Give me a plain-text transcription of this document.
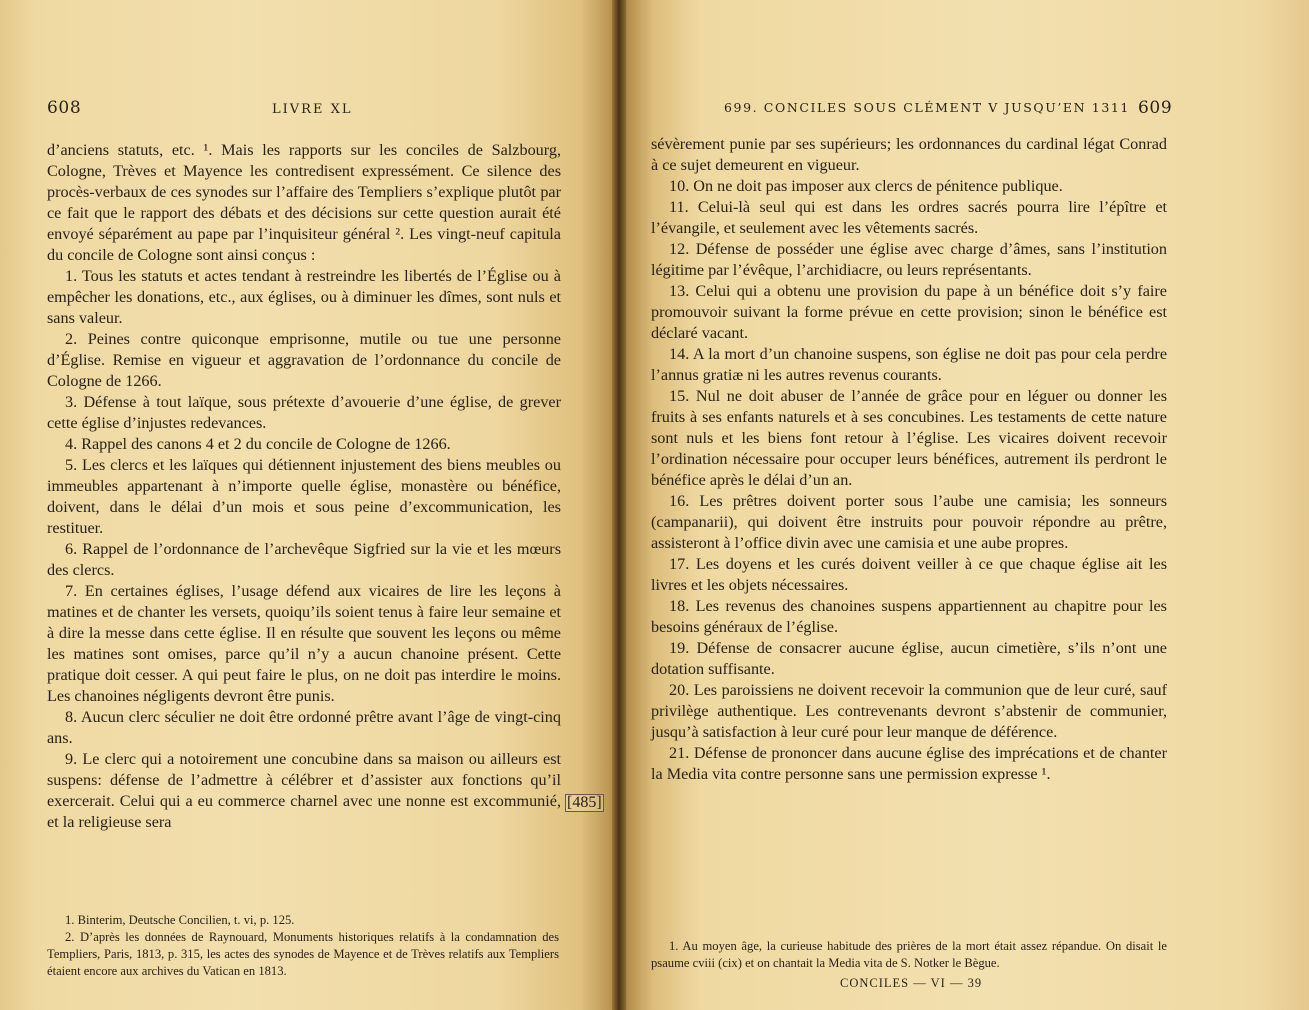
608	LIVRE XL

d’anciens statuts, etc. ¹. Mais les rapports sur les conciles de Salzbourg, Cologne, Trèves et Mayence les contredisent expressément. Ce silence des procès-verbaux de ces synodes sur l’affaire des Templiers s’explique plutôt par ce fait que le rapport des débats et des décisions sur cette question aurait été envoyé séparément au pape par l’inquisiteur général ². Les vingt-neuf capitula du concile de Cologne sont ainsi conçus :

1. Tous les statuts et actes tendant à restreindre les libertés de l’Église ou à empêcher les donations, etc., aux églises, ou à diminuer les dîmes, sont nuls et sans valeur.

2. Peines contre quiconque emprisonne, mutile ou tue une personne d’Église. Remise en vigueur et aggravation de l’ordonnance du concile de Cologne de 1266.

3. Défense à tout laïque, sous prétexte d’avouerie d’une église, de grever cette église d’injustes redevances.

4. Rappel des canons 4 et 2 du concile de Cologne de 1266.

5. Les clercs et les laïques qui détiennent injustement des biens meubles ou immeubles appartenant à n’importe quelle église, monastère ou bénéfice, doivent, dans le délai d’un mois et sous peine d’excommunication, les restituer.

6. Rappel de l’ordonnance de l’archevêque Sigfried sur la vie et les mœurs des clercs.

7. En certaines églises, l’usage défend aux vicaires de lire les leçons à matines et de chanter les versets, quoiqu’ils soient tenus à faire leur semaine et à dire la messe dans cette église. Il en résulte que souvent les leçons ou même les matines sont omises, parce qu’il n’y a aucun chanoine présent. Cette pratique doit cesser. A qui peut faire le plus, on ne doit pas interdire le moins. Les chanoines négligents devront être punis.

8. Aucun clerc séculier ne doit être ordonné prêtre avant l’âge de vingt-cinq ans.

9. Le clerc qui a notoirement une concubine dans sa maison ou ailleurs est suspens: défense de l’admettre à célébrer et d’assister aux fonctions qu’il exercerait. Celui qui a eu commerce charnel avec une nonne est excommunié, et la religieuse sera

[485]

1. Binterim, Deutsche Concilien, t. vi, p. 125.

2. D’après les données de Raynouard, Monuments historiques relatifs à la condamnation des Templiers, Paris, 1813, p. 315, les actes des synodes de Mayence et de Trèves relatifs aux Templiers étaient encore aux archives du Vatican en 1813.

699. CONCILES SOUS CLÉMENT V JUSQU’EN 1311 609

sévèrement punie par ses supérieurs; les ordonnances du cardinal légat Conrad à ce sujet demeurent en vigueur.

10. On ne doit pas imposer aux clercs de pénitence publique.

11. Celui-là seul qui est dans les ordres sacrés pourra lire l’épître et l’évangile, et seulement avec les vêtements sacrés.

12. Défense de posséder une église avec charge d’âmes, sans l’institution légitime par l’évêque, l’archidiacre, ou leurs représentants.

13. Celui qui a obtenu une provision du pape à un bénéfice doit s’y faire promouvoir suivant la forme prévue en cette provision; sinon le bénéfice est déclaré vacant.

14. A la mort d’un chanoine suspens, son église ne doit pas pour cela perdre l’annus gratiæ ni les autres revenus courants.

15. Nul ne doit abuser de l’année de grâce pour en léguer ou donner les fruits à ses enfants naturels et à ses concubines. Les testaments de cette nature sont nuls et les biens font retour à l’église. Les vicaires doivent recevoir l’ordination nécessaire pour occuper leurs bénéfices, autrement ils perdront le bénéfice après le délai d’un an.

16. Les prêtres doivent porter sous l’aube une camisia; les sonneurs (campanarii), qui doivent être instruits pour pouvoir répondre au prêtre, assisteront à l’office divin avec une camisia et une aube propres.

17. Les doyens et les curés doivent veiller à ce que chaque église ait les livres et les objets nécessaires.

18. Les revenus des chanoines suspens appartiennent au chapitre pour les besoins généraux de l’église.

19. Défense de consacrer aucune église, aucun cimetière, s’ils n’ont une dotation suffisante.

20. Les paroissiens ne doivent recevoir la communion que de leur curé, sauf privilège authentique. Les contrevenants devront s’abstenir de communier, jusqu’à satisfaction à leur curé pour leur manque de déférence.

21. Défense de prononcer dans aucune église des imprécations et de chanter la Media vita contre personne sans une permission expresse ¹.

1. Au moyen âge, la curieuse habitude des prières de la mort était assez répandue. On disait le psaume cviii (cix) et on chantait la Media vita de S. Notker le Bègue.

CONCILES — VI — 39
